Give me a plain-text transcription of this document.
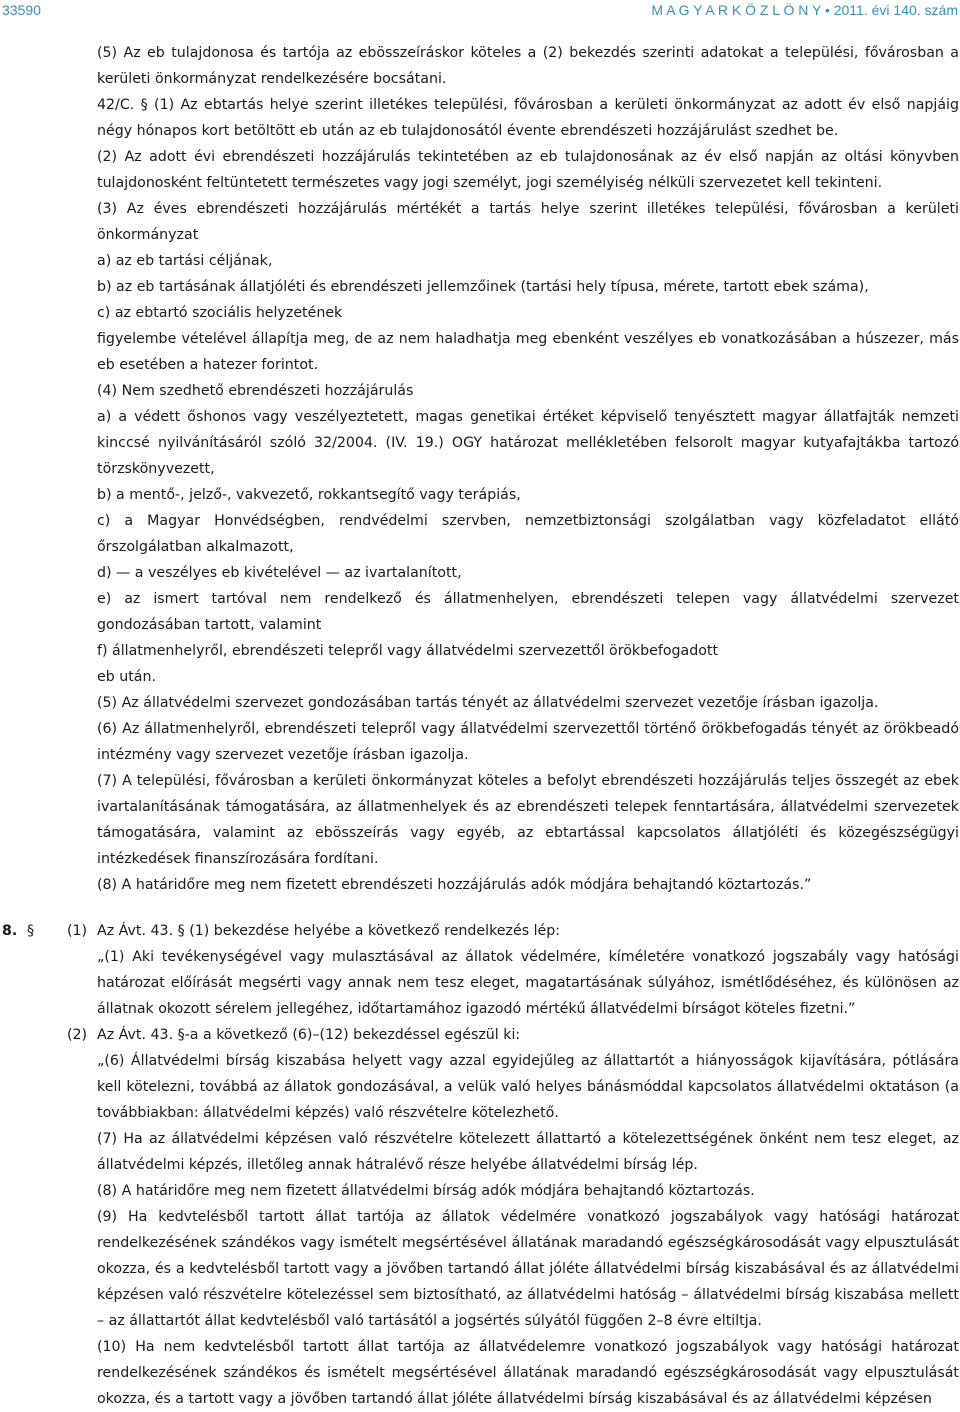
33590	M A G Y A R K Ö Z L Ö N Y • 2011. évi 140. szám

(5) Az eb tulajdonosa és tartója az ebösszeíráskor köteles a (2) bekezdés szerinti adatokat a települési, fővárosban a kerületi önkormányzat rendelkezésére bocsátani.

42/C. § (1) Az ebtartás helye szerint illetékes települési, fővárosban a kerületi önkormányzat az adott év első napjáig négy hónapos kort betöltött eb után az eb tulajdonosától évente ebrendészeti hozzájárulást szedhet be.

(2) Az adott évi ebrendészeti hozzájárulás tekintetében az eb tulajdonosának az év első napján az oltási könyvben tulajdonosként feltüntetett természetes vagy jogi személyt, jogi személyiség nélküli szervezetet kell tekinteni.

(3) Az éves ebrendészeti hozzájárulás mértékét a tartás helye szerint illetékes települési, fővárosban a kerületi önkormányzat

a) az eb tartási céljának,

b) az eb tartásának állatjóléti és ebrendészeti jellemzőinek (tartási hely típusa, mérete, tartott ebek száma),

c) az ebtartó szociális helyzetének

figyelembe vételével állapítja meg, de az nem haladhatja meg ebenként veszélyes eb vonatkozásában a húszezer, más eb esetében a hatezer forintot.

(4) Nem szedhető ebrendészeti hozzájárulás

a) a védett őshonos vagy veszélyeztetett, magas genetikai értéket képviselő tenyésztett magyar állatfajták nemzeti kinccsé nyilvánításáról szóló 32/2004. (IV. 19.) OGY határozat mellékletében felsorolt magyar kutyafajtákba tartozó törzskönyvezett,

b) a mentő-, jelző-, vakvezető, rokkantsegítő vagy terápiás,

c) a Magyar Honvédségben, rendvédelmi szervben, nemzetbiztonsági szolgálatban vagy közfeladatot ellátó őrszolgálatban alkalmazott,

d) — a veszélyes eb kivételével — az ivartalanított,

e) az ismert tartóval nem rendelkező és állatmenhelyen, ebrendészeti telepen vagy állatvédelmi szervezet gondozásában tartott, valamint

f) állatmenhelyről, ebrendészeti telepről vagy állatvédelmi szervezettől örökbefogadott

eb után.

(5) Az állatvédelmi szervezet gondozásában tartás tényét az állatvédelmi szervezet vezetője írásban igazolja.

(6) Az állatmenhelyről, ebrendészeti telepről vagy állatvédelmi szervezettől történő örökbefogadás tényét az örökbeadó intézmény vagy szervezet vezetője írásban igazolja.

(7) A települési, fővárosban a kerületi önkormányzat köteles a befolyt ebrendészeti hozzájárulás teljes összegét az ebek ivartalanításának támogatására, az állatmenhelyek és az ebrendészeti telepek fenntartására, állatvédelmi szervezetek támogatására, valamint az ebösszeírás vagy egyéb, az ebtartással kapcsolatos állatjóléti és közegészségügyi intézkedések finanszírozására fordítani.

(8) A határidőre meg nem fizetett ebrendészeti hozzájárulás adók módjára behajtandó köztartozás.”

8. § (1) Az Ávt. 43. § (1) bekezdése helyébe a következő rendelkezés lép:

„(1) Aki tevékenységével vagy mulasztásával az állatok védelmére, kíméletére vonatkozó jogszabály vagy hatósági határozat előírását megsérti vagy annak nem tesz eleget, magatartásának súlyához, ismétlődéséhez, és különösen az állatnak okozott sérelem jellegéhez, időtartamához igazodó mértékű állatvédelmi bírságot köteles fizetni.”

(2) Az Ávt. 43. §-a a következő (6)–(12) bekezdéssel egészül ki:

„(6) Állatvédelmi bírság kiszabása helyett vagy azzal egyidejűleg az állattartót a hiányosságok kijavítására, pótlására kell kötelezni, továbbá az állatok gondozásával, a velük való helyes bánásmóddal kapcsolatos állatvédelmi oktatáson (a továbbiakban: állatvédelmi képzés) való részvételre kötelezhető.

(7) Ha az állatvédelmi képzésen való részvételre kötelezett állattartó a kötelezettségének önként nem tesz eleget, az állatvédelmi képzés, illetőleg annak hátralévő része helyébe állatvédelmi bírság lép.

(8) A határidőre meg nem fizetett állatvédelmi bírság adók módjára behajtandó köztartozás.

(9) Ha kedvtelésből tartott állat tartója az állatok védelmére vonatkozó jogszabályok vagy hatósági határozat rendelkezésének szándékos vagy ismételt megsértésével állatának maradandó egészségkárosodását vagy elpusztulását okozza, és a kedvtelésből tartott vagy a jövőben tartandó állat jóléte állatvédelmi bírság kiszabásával és az állatvédelmi képzésen való részvételre kötelezéssel sem biztosítható, az állatvédelmi hatóság – állatvédelmi bírság kiszabása mellett – az állattartót állat kedvtelésből való tartásától a jogsértés súlyától függően 2–8 évre eltiltja.

(10) Ha nem kedvtelésből tartott állat tartója az állatvédelemre vonatkozó jogszabályok vagy hatósági határozat rendelkezésének szándékos és ismételt megsértésével állatának maradandó egészségkárosodását vagy elpusztulását okozza, és a tartott vagy a jövőben tartandó állat jóléte állatvédelmi bírság kiszabásával és az állatvédelmi képzésen
